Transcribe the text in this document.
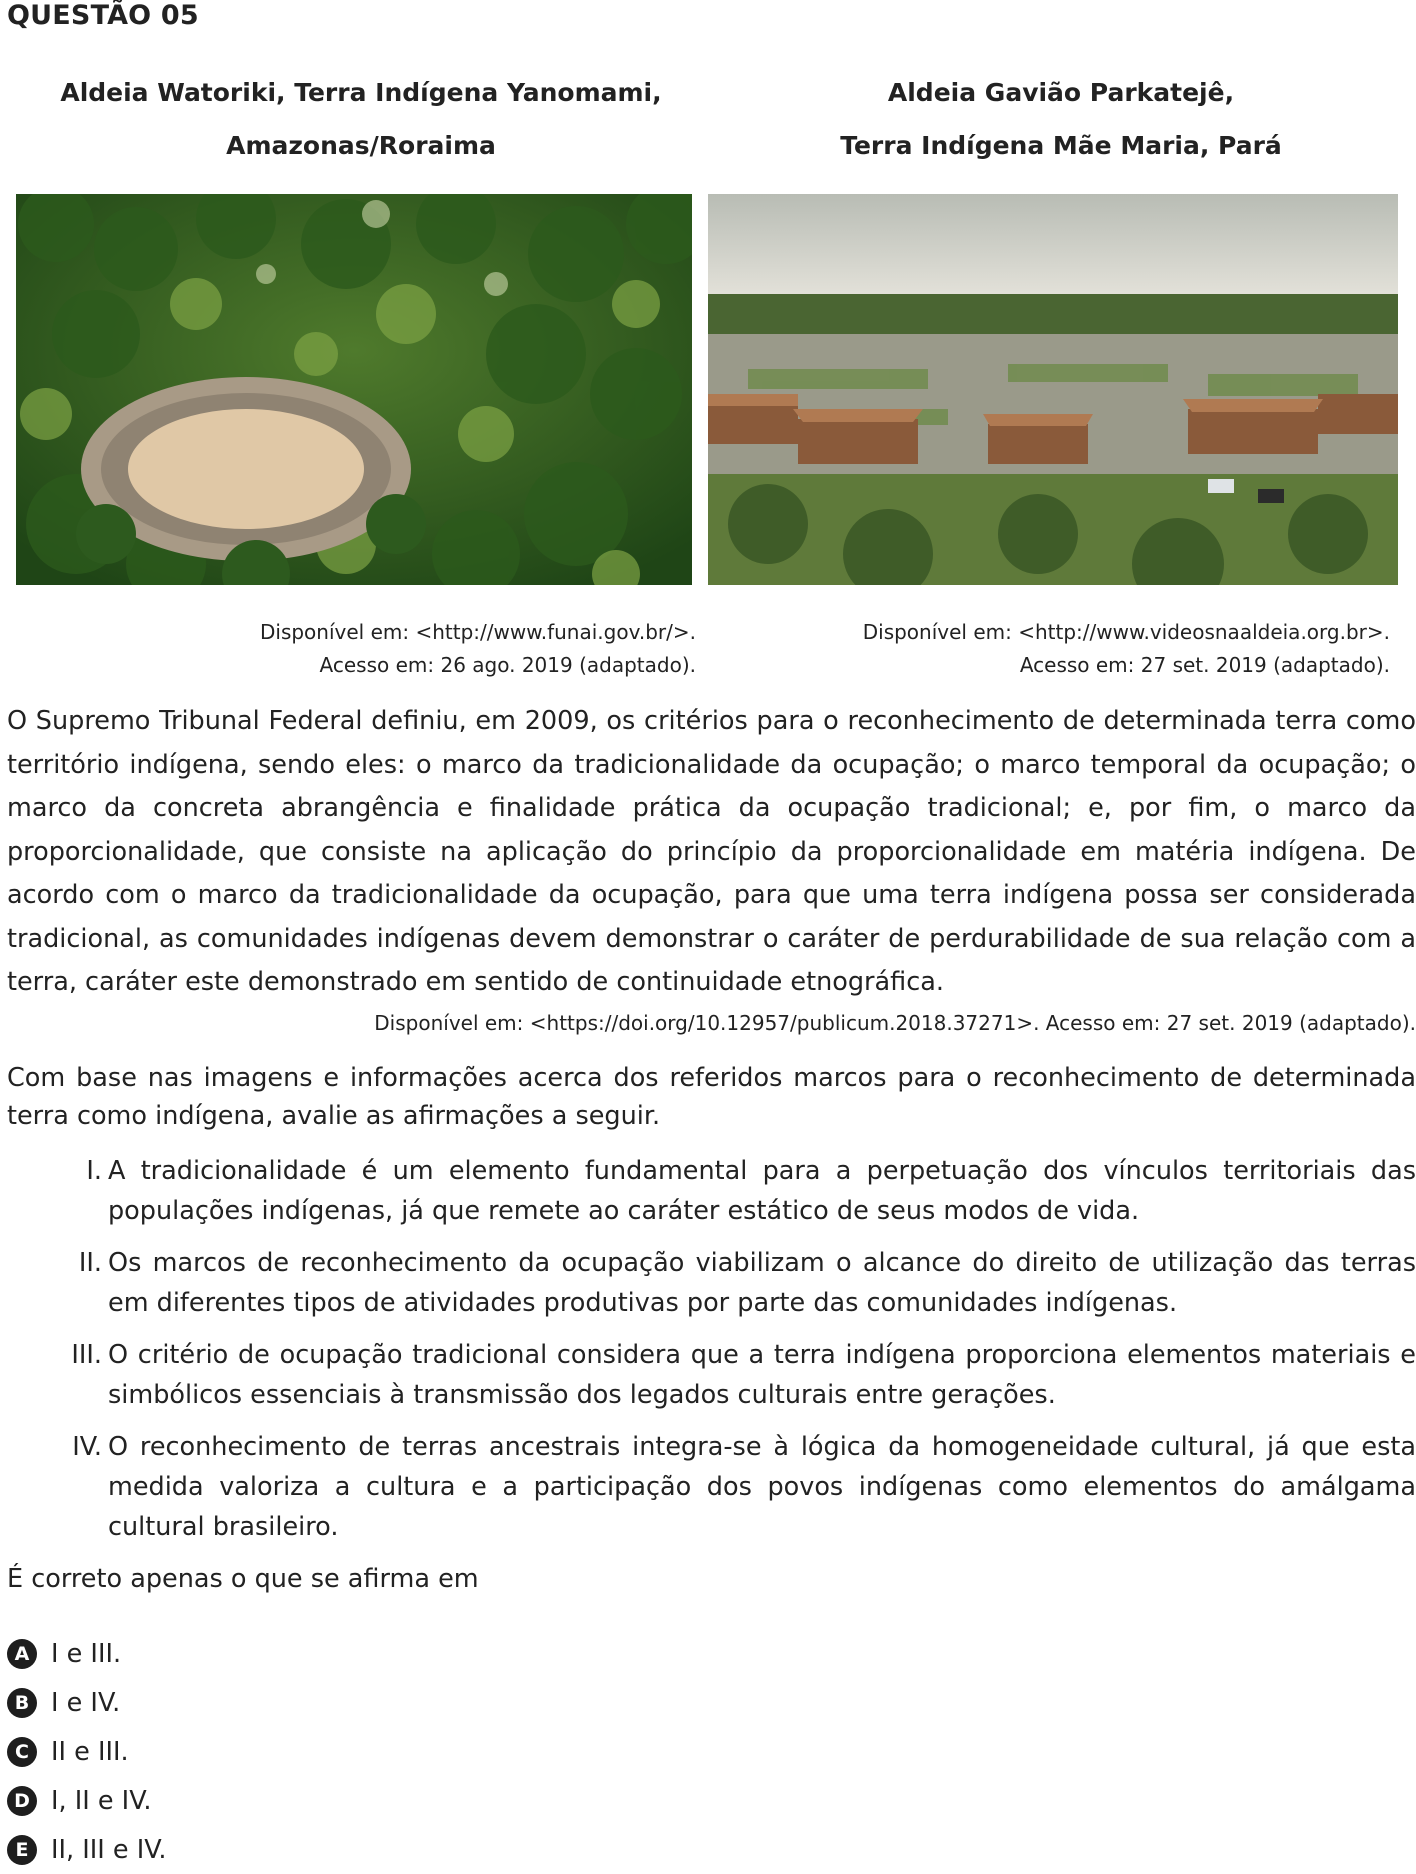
QUESTÃO 05
Aldeia Watoriki, Terra Indígena Yanomami,
Amazonas/Roraima
Aldeia Gavião Parkatejê,
Terra Indígena Mãe Maria, Pará
Disponível em: <http://www.funai.gov.br/>.
Acesso em: 26 ago. 2019 (adaptado).
Disponível em: <http://www.videosnaaldeia.org.br>.
Acesso em: 27 set. 2019 (adaptado).
O Supremo Tribunal Federal definiu, em 2009, os critérios para o reconhecimento de determinada terra como território indígena, sendo eles: o marco da tradicionalidade da ocupação; o marco temporal da ocupação; o marco da concreta abrangência e finalidade prática da ocupação tradicional; e, por fim, o marco da proporcionalidade, que consiste na aplicação do princípio da proporcionalidade em matéria indígena. De acordo com o marco da tradicionalidade da ocupação, para que uma terra indígena possa ser considerada tradicional, as comunidades indígenas devem demonstrar o caráter de perdurabilidade de sua relação com a terra, caráter este demonstrado em sentido de continuidade etnográfica.
Disponível em: <https://doi.org/10.12957/publicum.2018.37271>. Acesso em: 27 set. 2019 (adaptado).
Com base nas imagens e informações acerca dos referidos marcos para o reconhecimento de determinada terra como indígena, avalie as afirmações a seguir.
I. A tradicionalidade é um elemento fundamental para a perpetuação dos vínculos territoriais das populações indígenas, já que remete ao caráter estático de seus modos de vida.
II. Os marcos de reconhecimento da ocupação viabilizam o alcance do direito de utilização das terras em diferentes tipos de atividades produtivas por parte das comunidades indígenas.
III. O critério de ocupação tradicional considera que a terra indígena proporciona elementos materiais e simbólicos essenciais à transmissão dos legados culturais entre gerações.
IV. O reconhecimento de terras ancestrais integra-se à lógica da homogeneidade cultural, já que esta medida valoriza a cultura e a participação dos povos indígenas como elementos do amálgama cultural brasileiro.
É correto apenas o que se afirma em
A I e III.
B I e IV.
C II e III.
D I, II e IV.
E II, III e IV.
